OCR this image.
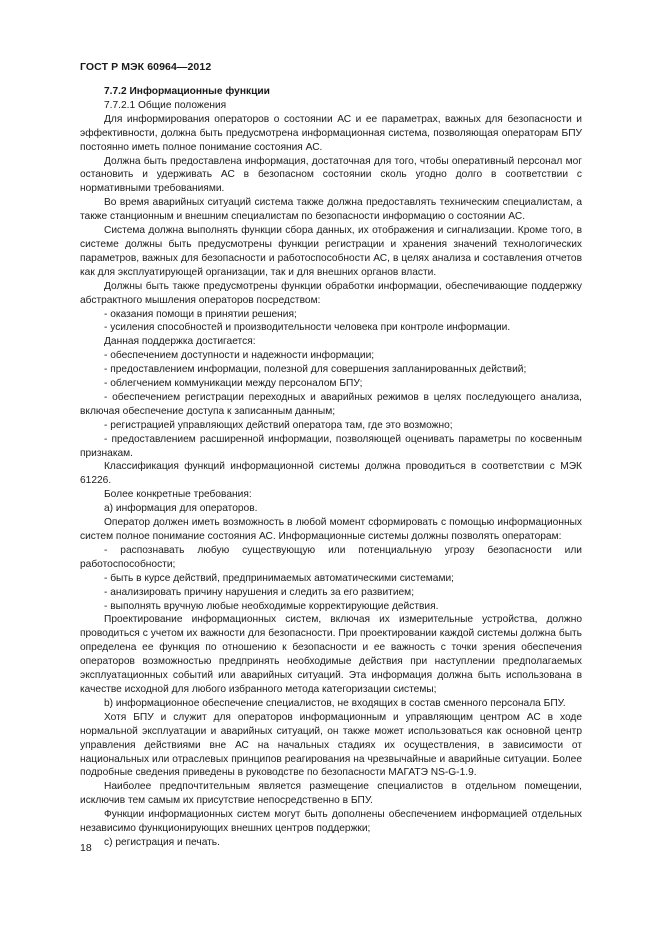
ГОСТ Р МЭК 60964—2012

7.7.2 Информационные функции

7.7.2.1 Общие положения

Для информирования операторов о состоянии АС и ее параметрах, важных для безопасности и эффективности, должна быть предусмотрена информационная система, позволяющая операторам БПУ постоянно иметь полное понимание состояния АС.

Должна быть предоставлена информация, достаточная для того, чтобы оперативный персонал мог остановить и удерживать АС в безопасном состоянии сколь угодно долго в соответствии с нормативными требованиями.

Во время аварийных ситуаций система также должна предоставлять техническим специалистам, а также станционным и внешним специалистам по безопасности информацию о состоянии АС.

Система должна выполнять функции сбора данных, их отображения и сигнализации. Кроме того, в системе должны быть предусмотрены функции регистрации и хранения значений технологических параметров, важных для безопасности и работоспособности АС, в целях анализа и составления отчетов как для эксплуатирующей организации, так и для внешних органов власти.

Должны быть также предусмотрены функции обработки информации, обеспечивающие поддержку абстрактного мышления операторов посредством:

- оказания помощи в принятии решения;

- усиления способностей и производительности человека при контроле информации.

Данная поддержка достигается:

- обеспечением доступности и надежности информации;

- предоставлением информации, полезной для совершения запланированных действий;

- облегчением коммуникации между персоналом БПУ;

- обеспечением регистрации переходных и аварийных режимов в целях последующего анализа, включая обеспечение доступа к записанным данным;

- регистрацией управляющих действий оператора там, где это возможно;

- предоставлением расширенной информации, позволяющей оценивать параметры по косвенным признакам.

Классификация функций информационной системы должна проводиться в соответствии с МЭК 61226.

Более конкретные требования:

a) информация для операторов.

Оператор должен иметь возможность в любой момент сформировать с помощью информационных систем полное понимание состояния АС. Информационные системы должны позволять операторам:

- распознавать любую существующую или потенциальную угрозу безопасности или работоспособности;

- быть в курсе действий, предпринимаемых автоматическими системами;

- анализировать причину нарушения и следить за его развитием;

- выполнять вручную любые необходимые корректирующие действия.

Проектирование информационных систем, включая их измерительные устройства, должно проводиться с учетом их важности для безопасности. При проектировании каждой системы должна быть определена ее функция по отношению к безопасности и ее важность с точки зрения обеспечения операторов возможностью предпринять необходимые действия при наступлении предполагаемых эксплуатационных событий или аварийных ситуаций. Эта информация должна быть использована в качестве исходной для любого избранного метода категоризации системы;

b) информационное обеспечение специалистов, не входящих в состав сменного персонала БПУ.

Хотя БПУ и служит для операторов информационным и управляющим центром АС в ходе нормальной эксплуатации и аварийных ситуаций, он также может использоваться как основной центр управления действиями вне АС на начальных стадиях их осуществления, в зависимости от национальных или отраслевых принципов реагирования на чрезвычайные и аварийные ситуации. Более подробные сведения приведены в руководстве по безопасности МАГАТЭ NS-G-1.9.

Наиболее предпочтительным является размещение специалистов в отдельном помещении, исключив тем самым их присутствие непосредственно в БПУ.

Функции информационных систем могут быть дополнены обеспечением информацией отдельных независимо функционирующих внешних центров поддержки;

c) регистрация и печать.

18
